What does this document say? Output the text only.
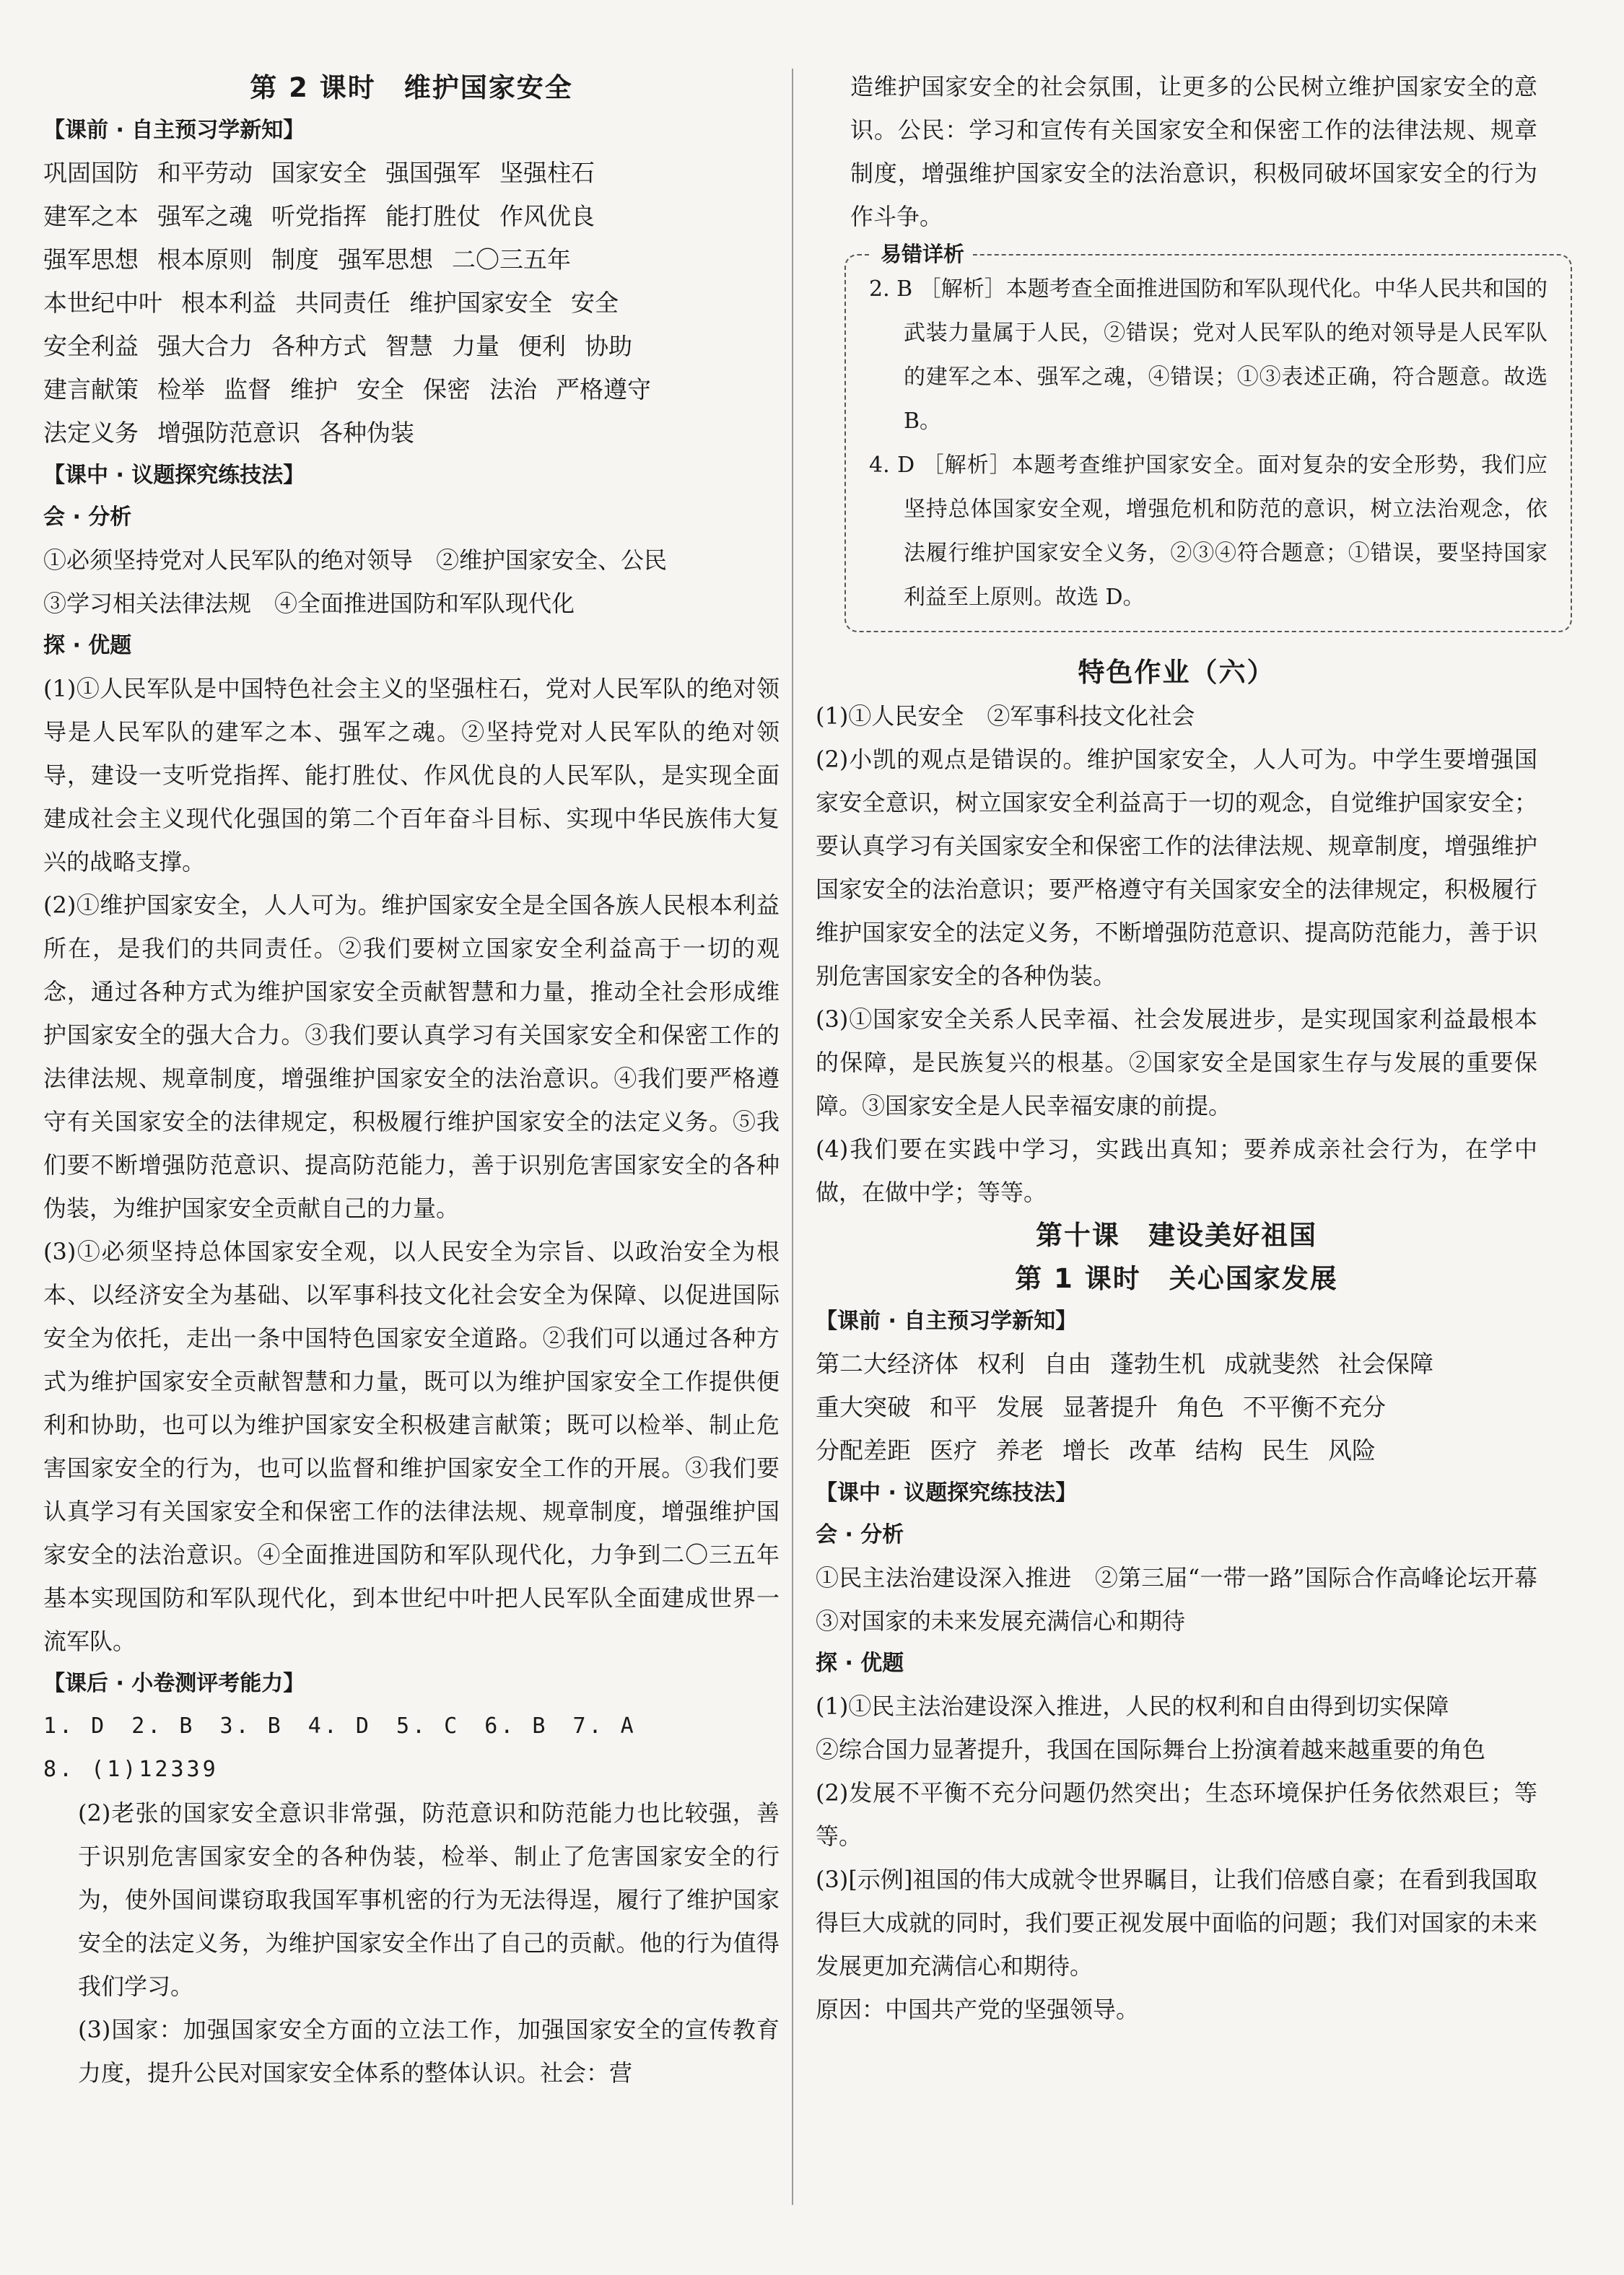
第 2 课时　维护国家安全
【课前 · 自主预习学新知】
巩固国防 和平劳动 国家安全 强国强军 坚强柱石
建军之本 强军之魂 听党指挥 能打胜仗 作风优良
强军思想 根本原则 制度 强军思想 二〇三五年
本世纪中叶 根本利益 共同责任 维护国家安全 安全
安全利益 强大合力 各种方式 智慧 力量 便利 协助
建言献策 检举 监督 维护 安全 保密 法治 严格遵守
法定义务 增强防范意识 各种伪装
【课中 · 议题探究练技法】
会 · 分析
①必须坚持党对人民军队的绝对领导　②维护国家安全、公民
③学习相关法律法规　④全面推进国防和军队现代化
探 · 优题

(1)①人民军队是中国特色社会主义的坚强柱石，党对人民军队的绝对领导是人民军队的建军之本、强军之魂。②坚持党对人民军队的绝对领导，建设一支听党指挥、能打胜仗、作风优良的人民军队，是实现全面建成社会主义现代化强国的第二个百年奋斗目标、实现中华民族伟大复兴的战略支撑。

(2)①维护国家安全，人人可为。维护国家安全是全国各族人民根本利益所在，是我们的共同责任。②我们要树立国家安全利益高于一切的观念，通过各种方式为维护国家安全贡献智慧和力量，推动全社会形成维护国家安全的强大合力。③我们要认真学习有关国家安全和保密工作的法律法规、规章制度，增强维护国家安全的法治意识。④我们要严格遵守有关国家安全的法律规定，积极履行维护国家安全的法定义务。⑤我们要不断增强防范意识、提高防范能力，善于识别危害国家安全的各种伪装，为维护国家安全贡献自己的力量。

(3)①必须坚持总体国家安全观，以人民安全为宗旨、以政治安全为根本、以经济安全为基础、以军事科技文化社会安全为保障、以促进国际安全为依托，走出一条中国特色国家安全道路。②我们可以通过各种方式为维护国家安全贡献智慧和力量，既可以为维护国家安全工作提供便利和协助，也可以为维护国家安全积极建言献策；既可以检举、制止危害国家安全的行为，也可以监督和维护国家安全工作的开展。③我们要认真学习有关国家安全和保密工作的法律法规、规章制度，增强维护国家安全的法治意识。④全面推进国防和军队现代化，力争到二〇三五年基本实现国防和军队现代化，到本世纪中叶把人民军队全面建成世界一流军队。

【课后 · 小卷测评考能力】
1. D　2. B　3. B　4. D　5. C　6. B　7. A
8. (1)12339

(2)老张的国家安全意识非常强，防范意识和防范能力也比较强，善于识别危害国家安全的各种伪装，检举、制止了危害国家安全的行为，使外国间谍窃取我国军事机密的行为无法得逞，履行了维护国家安全的法定义务，为维护国家安全作出了自己的贡献。他的行为值得我们学习。

(3)国家：加强国家安全方面的立法工作，加强国家安全的宣传教育力度，提升公民对国家安全体系的整体认识。社会：营

造维护国家安全的社会氛围，让更多的公民树立维护国家安全的意识。公民：学习和宣传有关国家安全和保密工作的法律法规、规章制度，增强维护国家安全的法治意识，积极同破坏国家安全的行为作斗争。

易错详析

2. B ［解析］本题考查全面推进国防和军队现代化。中华人民共和国的武装力量属于人民，②错误；党对人民军队的绝对领导是人民军队的建军之本、强军之魂，④错误；①③表述正确，符合题意。故选 B。

4. D ［解析］本题考查维护国家安全。面对复杂的安全形势，我们应坚持总体国家安全观，增强危机和防范的意识，树立法治观念，依法履行维护国家安全义务，②③④符合题意；①错误，要坚持国家利益至上原则。故选 D。

特色作业（六）

(1)①人民安全　②军事科技文化社会

(2)小凯的观点是错误的。维护国家安全，人人可为。中学生要增强国家安全意识，树立国家安全利益高于一切的观念，自觉维护国家安全；要认真学习有关国家安全和保密工作的法律法规、规章制度，增强维护国家安全的法治意识；要严格遵守有关国家安全的法律规定，积极履行维护国家安全的法定义务，不断增强防范意识、提高防范能力，善于识别危害国家安全的各种伪装。

(3)①国家安全关系人民幸福、社会发展进步，是实现国家利益最根本的保障，是民族复兴的根基。②国家安全是国家生存与发展的重要保障。③国家安全是人民幸福安康的前提。

(4)我们要在实践中学习，实践出真知；要养成亲社会行为，在学中做，在做中学；等等。

第十课　建设美好祖国
第 1 课时　关心国家发展
【课前 · 自主预习学新知】
第二大经济体 权利 自由 蓬勃生机 成就斐然 社会保障
重大突破 和平 发展 显著提升 角色 不平衡不充分
分配差距 医疗 养老 增长 改革 结构 民生 风险
【课中 · 议题探究练技法】
会 · 分析

①民主法治建设深入推进　②第三届“一带一路”国际合作高峰论坛开幕　③对国家的未来发展充满信心和期待

探 · 优题

(1)①民主法治建设深入推进，人民的权利和自由得到切实保障

②综合国力显著提升，我国在国际舞台上扮演着越来越重要的角色

(2)发展不平衡不充分问题仍然突出；生态环境保护任务依然艰巨；等等。

(3)[示例]祖国的伟大成就令世界瞩目，让我们倍感自豪；在看到我国取得巨大成就的同时，我们要正视发展中面临的问题；我们对国家的未来发展更加充满信心和期待。

原因：中国共产党的坚强领导。
